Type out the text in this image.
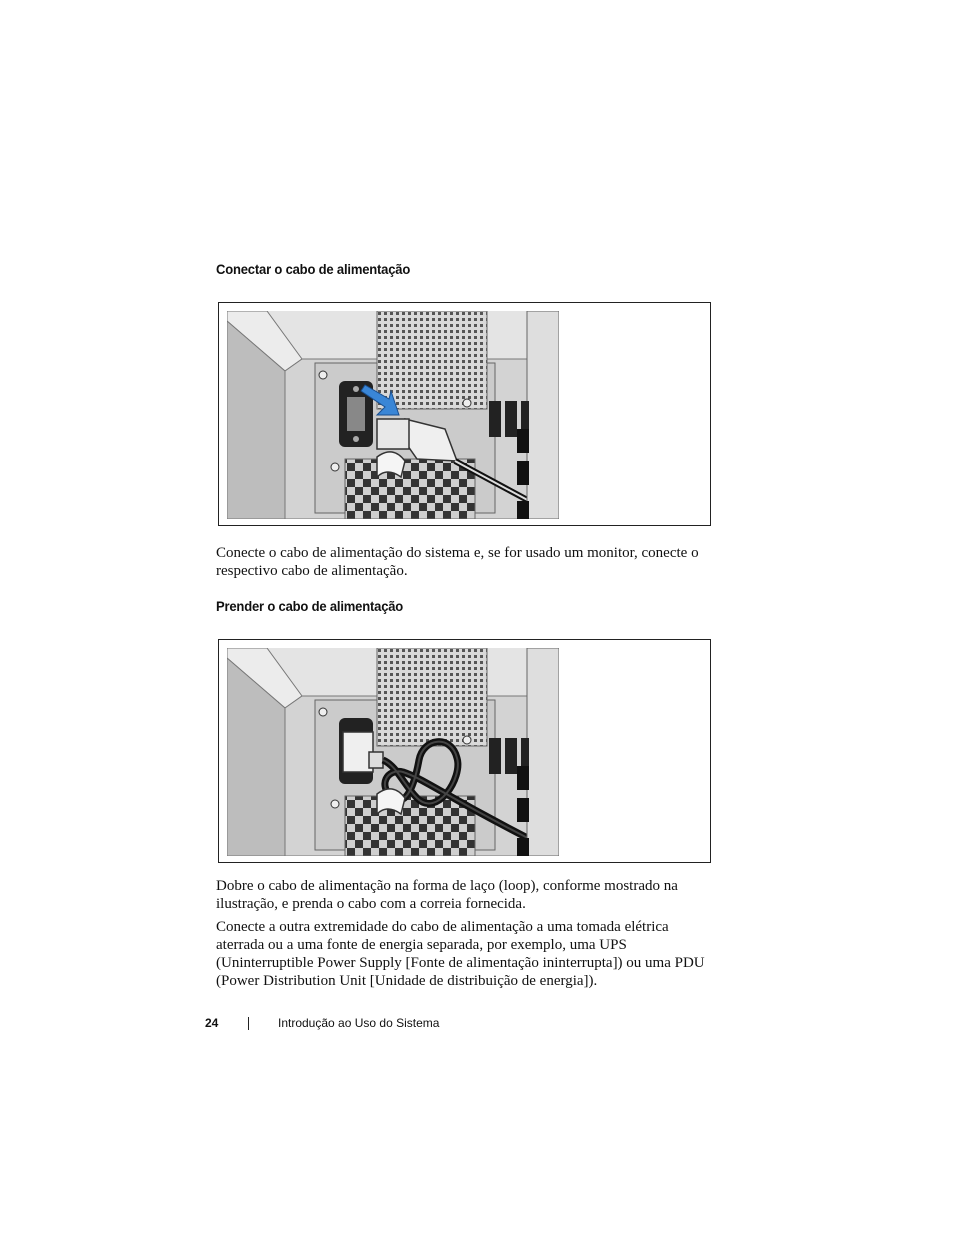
Conectar o cabo de alimentação

Conecte o cabo de alimentação do sistema e, se for usado um monitor, conecte o respectivo cabo de alimentação.

Prender o cabo de alimentação

Dobre o cabo de alimentação na forma de laço (loop), conforme mostrado na ilustração, e prenda o cabo com a correia fornecida.

Conecte a outra extremidade do cabo de alimentação a uma tomada elétrica aterrada ou a uma fonte de energia separada, por exemplo, uma UPS (Uninterruptible Power Supply [Fonte de alimentação ininterrupta]) ou uma PDU (Power Distribution Unit [Unidade de distribuição de energia]).

24	Introdução ao Uso do Sistema
